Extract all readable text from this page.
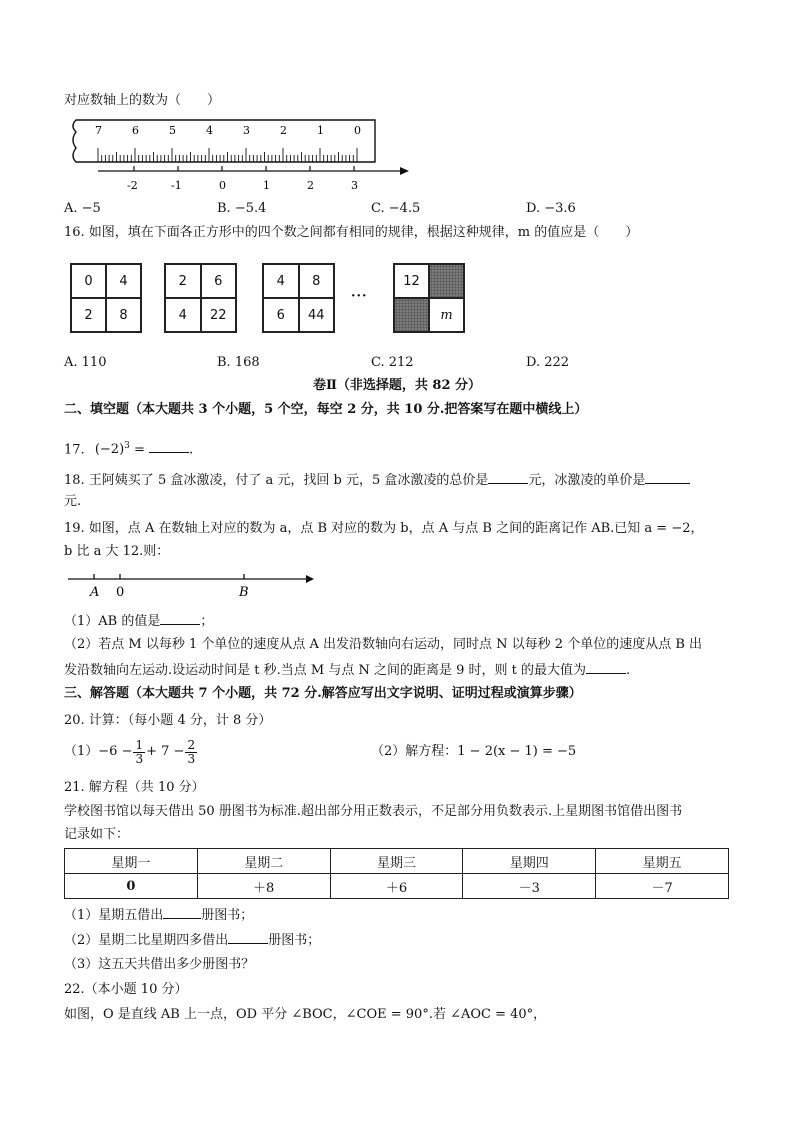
对应数轴上的数为（　　）
7	6	5	4	3	2	1	0
-2	-1	0	1	2	3
A. −5	B. −5.4	C. −4.5	D. −3.6
16. 如图，填在下面各正方形中的四个数之间都有相同的规律，根据这种规律，m 的值应是（　　）
0	4
2	8
2	6
4	22
4	8
6	44
···
12
m
A. 110	B. 168	C. 212	D. 222
卷Ⅱ（非选择题，共 82 分）
二、填空题（本大题共 3 个小题，5 个空，每空 2 分，共 10 分.把答案写在题中横线上）
17. $(-2)^3$ =	.
18. 王阿姨买了 5 盒冰激凌，付了 a 元，找回 b 元，5 盒冰激凌的总价是	元，冰激凌的单价是
元.
19. 如图，点 A 在数轴上对应的数为 a，点 B 对应的数为 b，点 A 与点 B 之间的距离记作 AB.已知 a = −2，
b 比 a 大 12.则：
A 0	B
（1）AB 的值是	；
（2）若点 M 以每秒 1 个单位的速度从点 A 出发沿数轴向右运动，同时点 N 以每秒 2 个单位的速度从点 B 出
发沿数轴向左运动.设运动时间是 t 秒.当点 M 与点 N 之间的距离是 9 时，则 t 的最大值为	.
三、解答题（本大题共 7 个小题，共 72 分.解答应写出文字说明、证明过程或演算步骤）
20. 计算：（每小题 4 分，计 8 分）
$(1)-6 - \frac{1}{3} + 7 - \frac{2}{3}$	（2）解方程：1 − 2(x − 1) = −5
21. 解方程（共 10 分）
学校图书馆以每天借出 50 册图书为标准.超出部分用正数表示，不足部分用负数表示.上星期图书馆借出图书
记录如下：
星期一	星期二	星期三	星期四	星期五
0	＋8	＋6	－3	－7
（1）星期五借出	册图书；
（2）星期二比星期四多借出	册图书；
（3）这五天共借出多少册图书？
22.（本小题 10 分）
如图，O 是直线 AB 上一点，OD 平分 ∠BOC，∠COE = 90°.若 ∠AOC = 40°，
